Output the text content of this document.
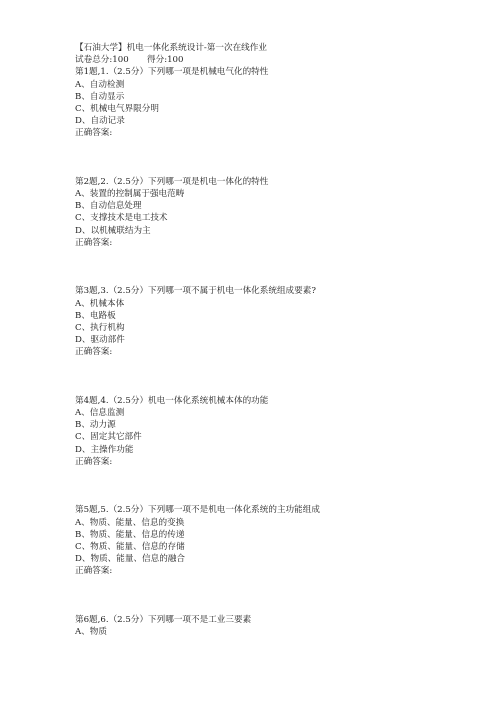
【石油大学】机电一体化系统设计-第一次在线作业
试卷总分:100 得分:100
第1题,1.（2.5分）下列哪一项是机械电气化的特性
A、自动检测
B、自动显示
C、机械电气界限分明
D、自动记录
正确答案:
第2题,2.（2.5分）下列哪一项是机电一体化的特性
A、装置的控制属于强电范畴
B、自动信息处理
C、支撑技术是电工技术
D、以机械联结为主
正确答案:
第3题,3.（2.5分）下列哪一项不属于机电一体化系统组成要素?
A、机械本体
B、电路板
C、执行机构
D、驱动部件
正确答案:
第4题,4.（2.5分）机电一体化系统机械本体的功能
A、信息监测
B、动力源
C、固定其它部件
D、主操作功能
正确答案:
第5题,5.（2.5分）下列哪一项不是机电一体化系统的主功能组成
A、物质、能量、信息的变换
B、物质、能量、信息的传递
C、物质、能量、信息的存储
D、物质、能量、信息的融合
正确答案:
第6题,6.（2.5分）下列哪一项不是工业三要素
A、物质
